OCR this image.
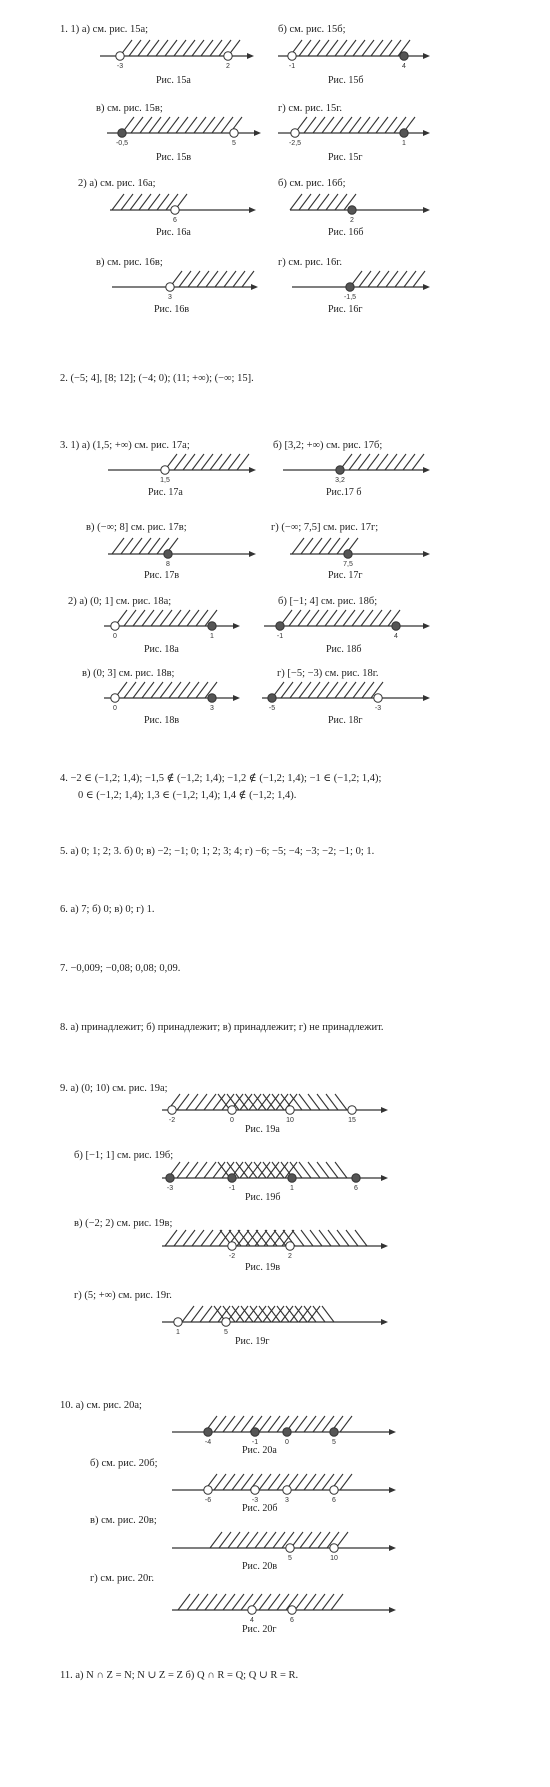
1. 1) а) см. рис. 15а;	б) см. рис. 15б;
в) см. рис. 15в;	г) см. рис. 15г.
2) а) см. рис. 16а;	б) см. рис. 16б;
в) см. рис. 16в;	г) см. рис. 16г.
2. (−5; 4], [8; 12]; (−4; 0); (11; +∞); (−∞; 15].
3. 1) а) (1,5; +∞) см. рис. 17а;	б) [3,2; +∞) см. рис. 17б;
в) (−∞; 8] см. рис. 17в;	г) (−∞; 7,5] см. рис. 17г;
2) а) (0; 1] см. рис. 18а;	б) [−1; 4] см. рис. 18б;
в) (0; 3] см. рис. 18в;	г) [−5; −3) см. рис. 18г.
4. −2 ∈ (−1,2; 1,4); −1,5 ∉ (−1,2; 1,4); −1,2 ∉ (−1,2; 1,4); −1 ∈ (−1,2; 1,4);
0 ∈ (−1,2; 1,4); 1,3 ∈ (−1,2; 1,4); 1,4 ∉ (−1,2; 1,4).
5. а) 0; 1; 2; 3. б) 0; в) −2; −1; 0; 1; 2; 3; 4; г) −6; −5; −4; −3; −2; −1; 0; 1.
6. а) 7; б) 0; в) 0; г) 1.
7. −0,009; −0,08; 0,08; 0,09.
8. а) принадлежит; б) принадлежит; в) принадлежит; г) не принадлежит.
9. а) (0; 10) см. рис. 19а;
б) [−1; 1] см. рис. 19б;
в) (−2; 2) см. рис. 19в;
г) (5; +∞) см. рис. 19г.
10. а) см. рис. 20а;
б) см. рис. 20б;
в) см. рис. 20в;
г) см. рис. 20г.
11. а) N ∩ Z = N; N ∪ Z = Z б) Q ∩ R = Q; Q ∪ R = R.
-3	2
Рис. 15а
-1	4
Рис. 15б
-0,5	5
Рис. 15в
-2,5	1
Рис. 15г
6
Рис. 16а
2
Рис. 16б
3
Рис. 16в
-1,5
Рис. 16г
1,5
Рис. 17а
3,2
Рис.17 б
8
Рис. 17в
7,5
Рис. 17г
0	1
Рис. 18а
-1	4
Рис. 18б
0	3
Рис. 18в
-5	-3
Рис. 18г
-2	0	10	15
Рис. 19а
-3	-1	1	6
Рис. 19б
-2	2
Рис. 19в
1	5
Рис. 19г
-4	-1	0	5
Рис. 20а
-6	-3	3	6
Рис. 20б
5	10
Рис. 20в
4	6
Рис. 20г
